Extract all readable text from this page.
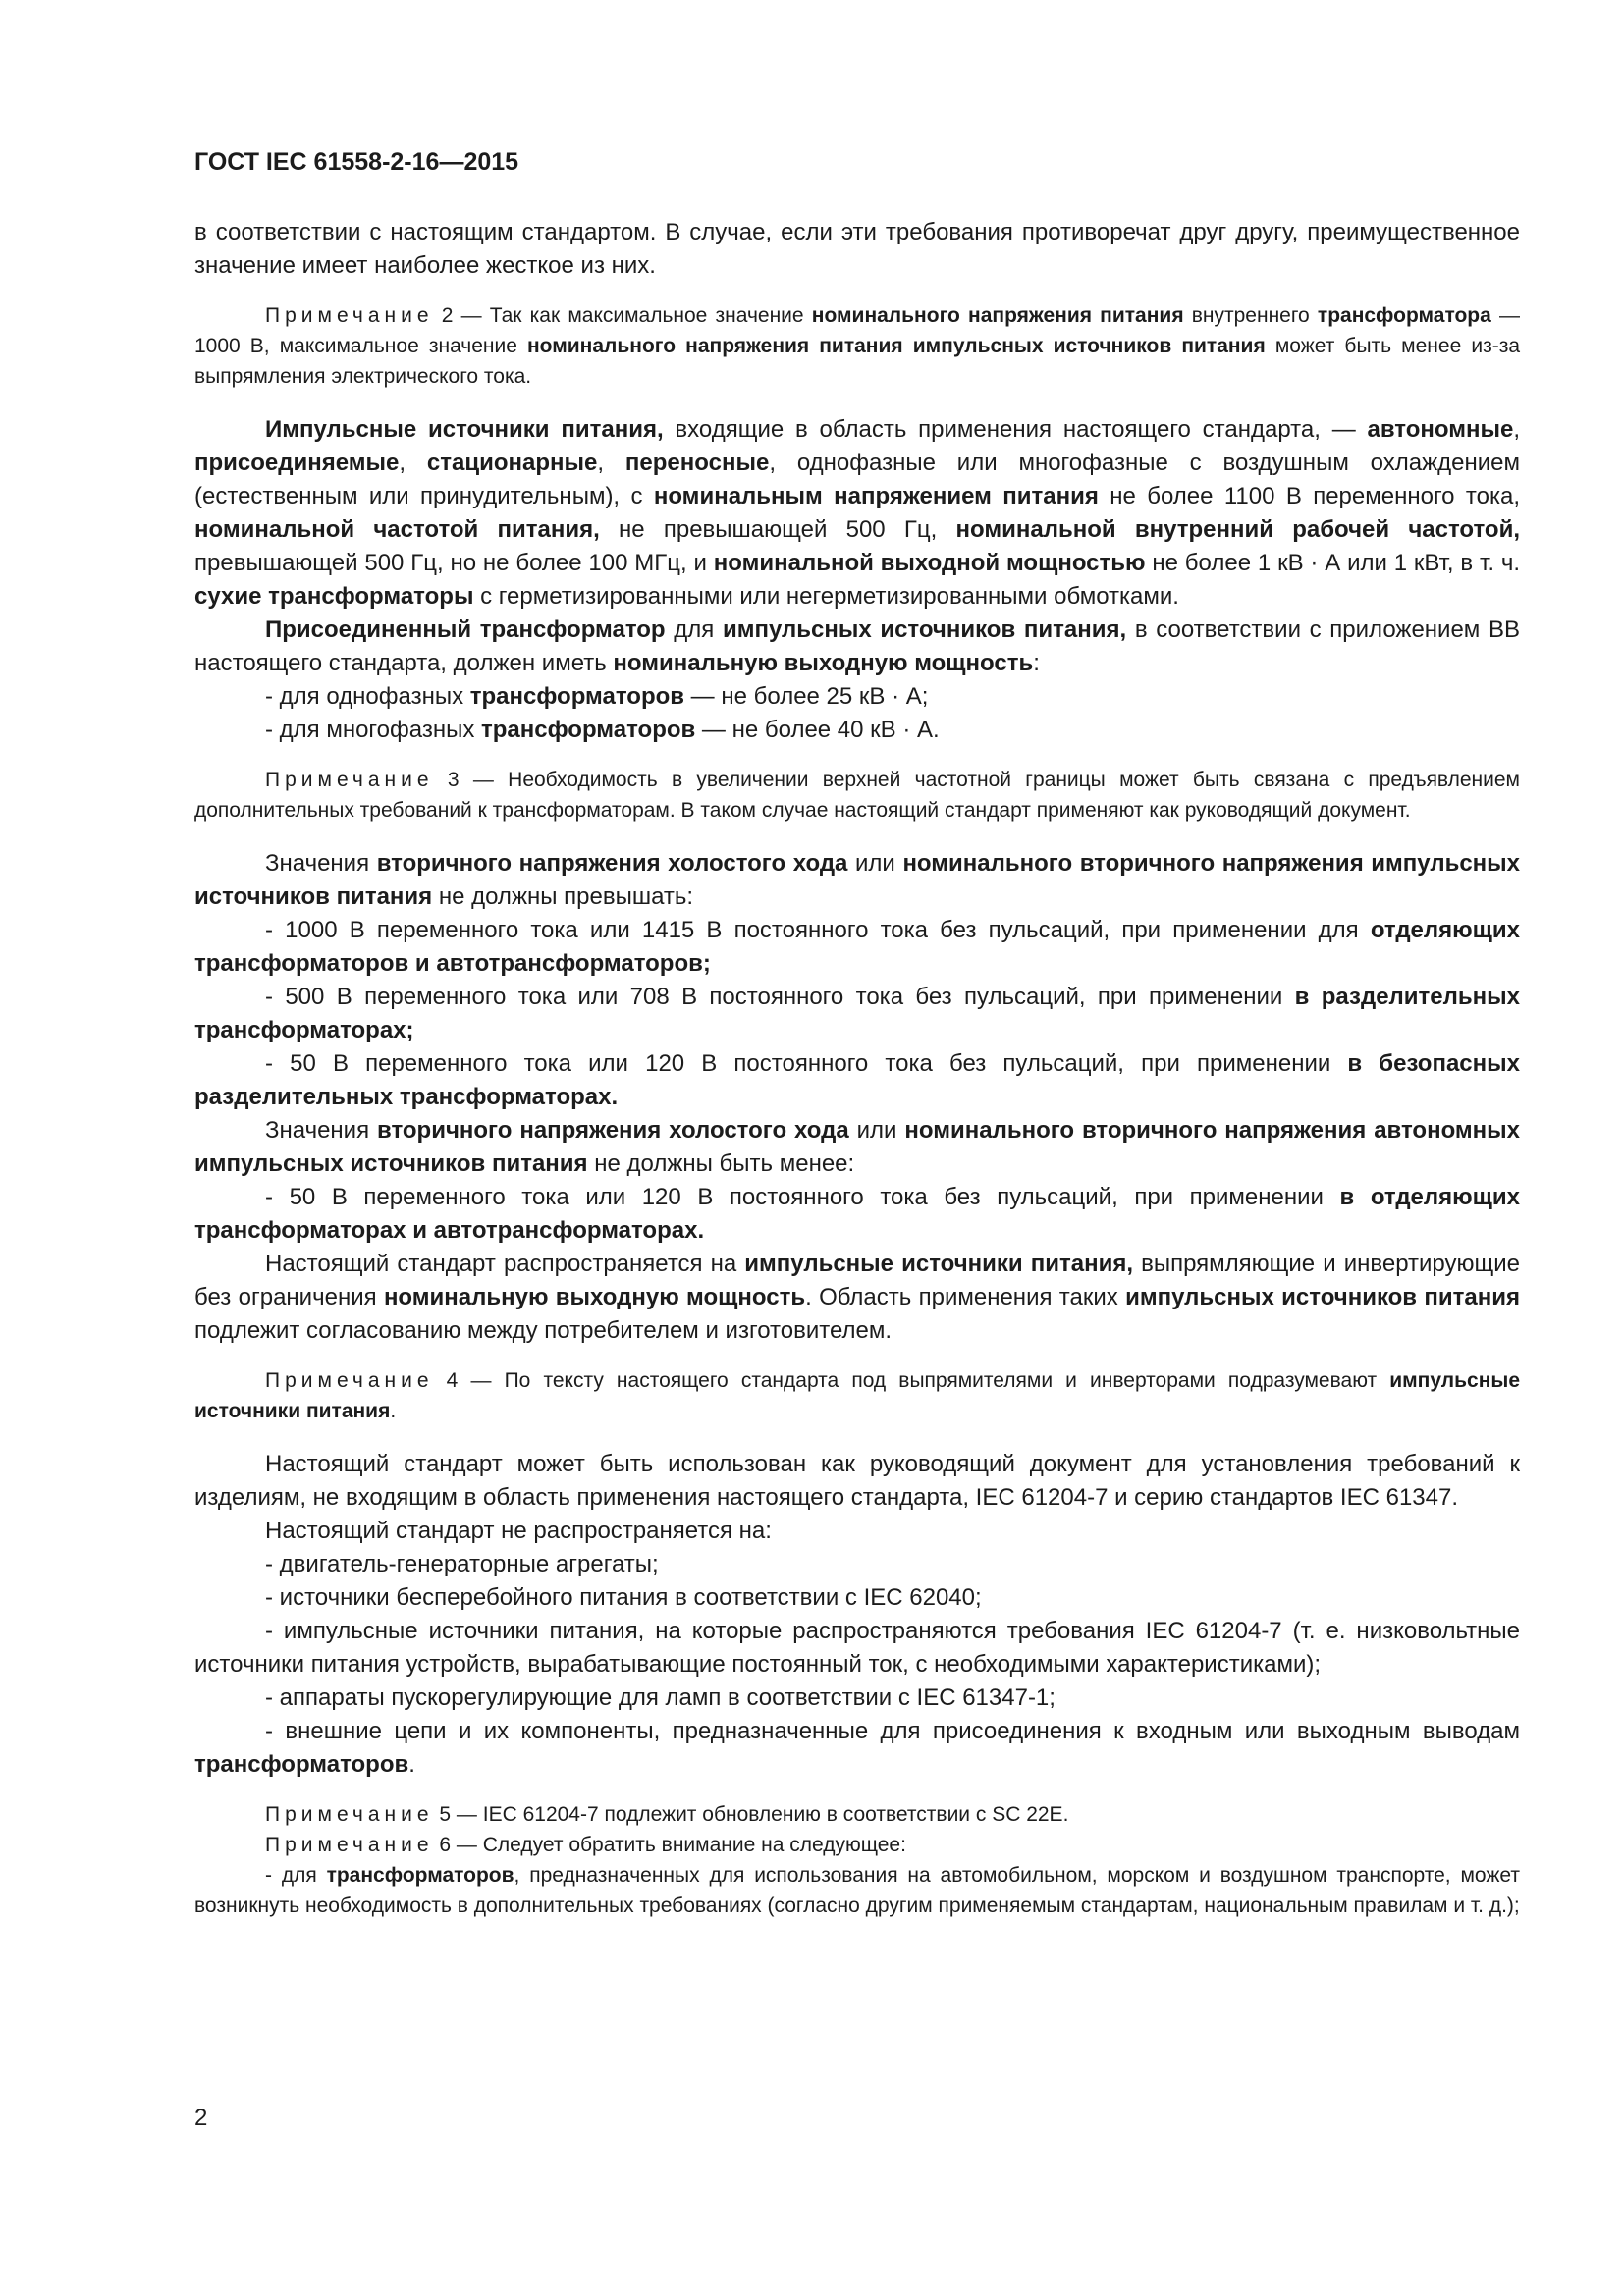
ГОСТ IEC 61558-2-16—2015

в соответствии с настоящим стандартом. В случае, если эти требования противоречат друг другу, преимущественное значение имеет наиболее жесткое из них.

Примечание 2 — Так как максимальное значение номинального напряжения питания внутреннего трансформатора — 1000 В, максимальное значение номинального напряжения питания импульсных источников питания может быть менее из-за выпрямления электрического тока.

Импульсные источники питания, входящие в область применения настоящего стандарта, — автономные, присоединяемые, стационарные, переносные, однофазные или многофазные с воздушным охлаждением (естественным или принудительным), с номинальным напряжением питания не более 1100 В переменного тока, номинальной частотой питания, не превышающей 500 Гц, номинальной внутренний рабочей частотой, превышающей 500 Гц, но не более 100 МГц, и номинальной выходной мощностью не более 1 кВ · А или 1 кВт, в т. ч. сухие трансформаторы с герметизированными или негерметизированными обмотками.

Присоединенный трансформатор для импульсных источников питания, в соответствии с приложением ВВ настоящего стандарта, должен иметь номинальную выходную мощность:

- для однофазных трансформаторов — не более 25 кВ · А;

- для многофазных трансформаторов — не более 40 кВ · А.

Примечание 3 — Необходимость в увеличении верхней частотной границы может быть связана с предъявлением дополнительных требований к трансформаторам. В таком случае настоящий стандарт применяют как руководящий документ.

Значения вторичного напряжения холостого хода или номинального вторичного напряжения импульсных источников питания не должны превышать:

- 1000 В переменного тока или 1415 В постоянного тока без пульсаций, при применении для отделяющих трансформаторов и автотрансформаторов;

- 500 В переменного тока или 708 В постоянного тока без пульсаций, при применении в разделительных трансформаторах;

- 50 В переменного тока или 120 В постоянного тока без пульсаций, при применении в безопасных разделительных трансформаторах.

Значения вторичного напряжения холостого хода или номинального вторичного напряжения автономных импульсных источников питания не должны быть менее:

- 50 В переменного тока или 120 В постоянного тока без пульсаций, при применении в отделяющих трансформаторах и автотрансформаторах.

Настоящий стандарт распространяется на импульсные источники питания, выпрямляющие и инвертирующие без ограничения номинальную выходную мощность. Область применения таких импульсных источников питания подлежит согласованию между потребителем и изготовителем.

Примечание 4 — По тексту настоящего стандарта под выпрямителями и инверторами подразумевают импульсные источники питания.

Настоящий стандарт может быть использован как руководящий документ для установления требований к изделиям, не входящим в область применения настоящего стандарта, IEC 61204-7 и серию стандартов IEC 61347.

Настоящий стандарт не распространяется на:

- двигатель-генераторные агрегаты;

- источники бесперебойного питания в соответствии с IEC 62040;

- импульсные источники питания, на которые распространяются требования IEC 61204-7 (т. е. низковольтные источники питания устройств, вырабатывающие постоянный ток, с необходимыми характеристиками);

- аппараты пускорегулирующие для ламп в соответствии с IEC 61347-1;

- внешние цепи и их компоненты, предназначенные для присоединения к входным или выходным выводам трансформаторов.

Примечание 5 — IEC 61204-7 подлежит обновлению в соответствии с SC 22E.

Примечание 6 — Следует обратить внимание на следующее:

- для трансформаторов, предназначенных для использования на автомобильном, морском и воздушном транспорте, может возникнуть необходимость в дополнительных требованиях (согласно другим применяемым стандартам, национальным правилам и т. д.);

2
